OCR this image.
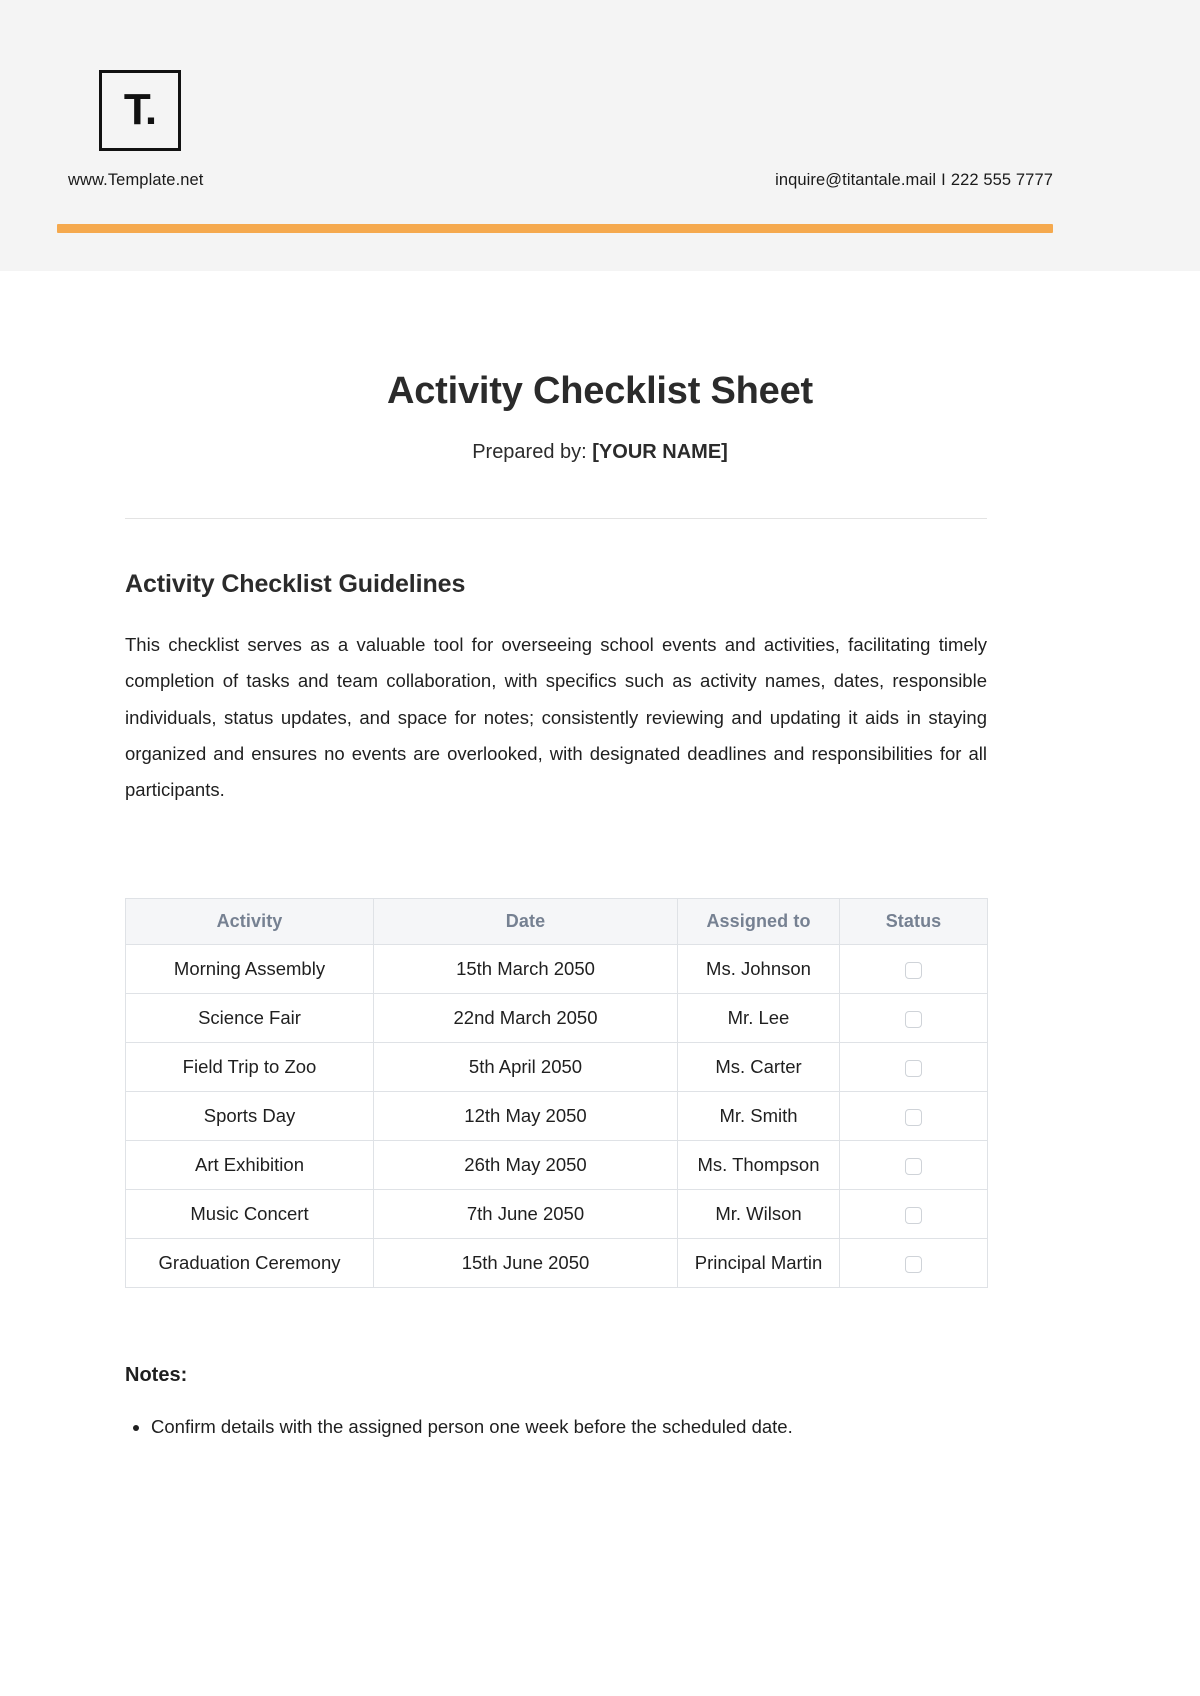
T.
www.Template.net	inquire@titantale.mail I 222 555 7777
Activity Checklist Sheet
Prepared by: [YOUR NAME]
Activity Checklist Guidelines
This checklist serves as a valuable tool for overseeing school events and activities, facilitating timely completion of tasks and team collaboration, with specifics such as activity names, dates, responsible individuals, status updates, and space for notes; consistently reviewing and updating it aids in staying organized and ensures no events are overlooked, with designated deadlines and responsibilities for all participants.
Activity	Date	Assigned to	Status
Morning Assembly	15th March 2050	Ms. Johnson	
Science Fair	22nd March 2050	Mr. Lee	
Field Trip to Zoo	5th April 2050	Ms. Carter	
Sports Day	12th May 2050	Mr. Smith	
Art Exhibition	26th May 2050	Ms. Thompson	
Music Concert	7th June 2050	Mr. Wilson	
Graduation Ceremony	15th June 2050	Principal Martin	
Notes:
• Confirm details with the assigned person one week before the scheduled date.
